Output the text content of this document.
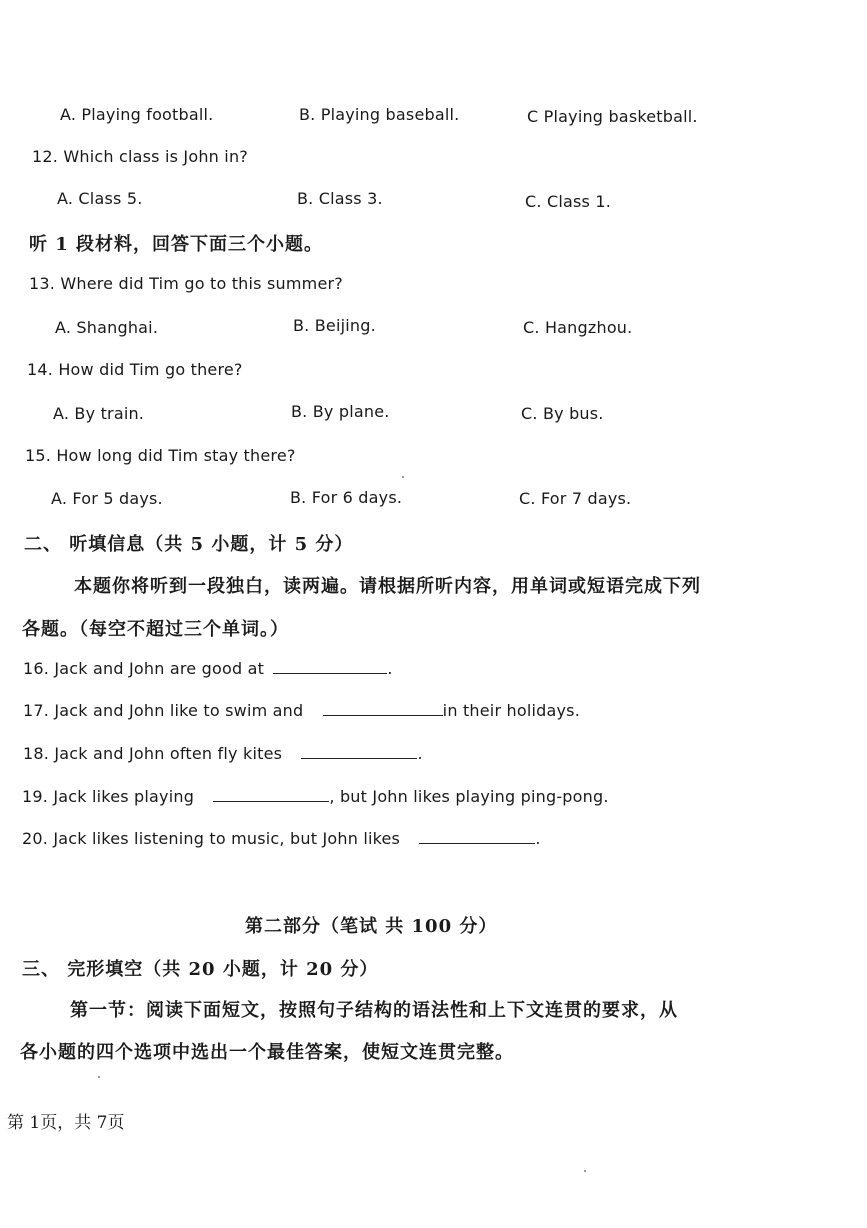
A. Playing football.	B. Playing baseball.	C Playing basketball.
12. Which class is John in?
A. Class 5.	B. Class 3.	C. Class 1.
听 1 段材料，回答下面三个小题。
13. Where did Tim go to this summer?
A. Shanghai.	B. Beijing.	C. Hangzhou.
14. How did Tim go there?
A. By train.	B. By plane.	C. By bus.
15. How long did Tim stay there?
A. For 5 days.	B. For 6 days.	C. For 7 days.
二、 听填信息（共 5 小题，计 5 分）
本题你将听到一段独白，读两遍。请根据所听内容，用单词或短语完成下列
各题。（每空不超过三个单词。）
16. Jack and John are good at	.
17. Jack and John like to swim and	in their holidays.
18. Jack and John often fly kites	.
19. Jack likes playing	, but John likes playing ping-pong.
20. Jack likes listening to music, but John likes	.
第二部分（笔试 共 100 分）
三、 完形填空（共 20 小题，计 20 分）
第一节：阅读下面短文，按照句子结构的语法性和上下文连贯的要求，从
各小题的四个选项中选出一个最佳答案，使短文连贯完整。
第 1页，共 7页
